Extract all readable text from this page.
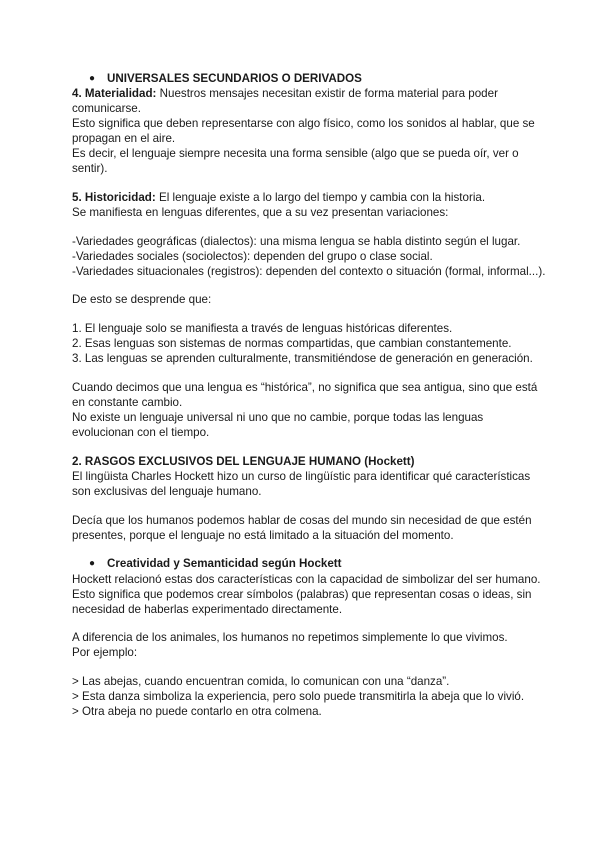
● UNIVERSALES SECUNDARIOS O DERIVADOS
4. Materialidad: Nuestros mensajes necesitan existir de forma material para poder
comunicarse.
Esto significa que deben representarse con algo físico, como los sonidos al hablar, que se
propagan en el aire.
Es decir, el lenguaje siempre necesita una forma sensible (algo que se pueda oír, ver o
sentir).
5. Historicidad: El lenguaje existe a lo largo del tiempo y cambia con la historia.
Se manifiesta en lenguas diferentes, que a su vez presentan variaciones:
-Variedades geográficas (dialectos): una misma lengua se habla distinto según el lugar.
-Variedades sociales (sociolectos): dependen del grupo o clase social.
-Variedades situacionales (registros): dependen del contexto o situación (formal, informal...).
De esto se desprende que:
1. El lenguaje solo se manifiesta a través de lenguas históricas diferentes.
2. Esas lenguas son sistemas de normas compartidas, que cambian constantemente.
3. Las lenguas se aprenden culturalmente, transmitiéndose de generación en generación.
Cuando decimos que una lengua es “histórica”, no significa que sea antigua, sino que está
en constante cambio.
No existe un lenguaje universal ni uno que no cambie, porque todas las lenguas
evolucionan con el tiempo.
2. RASGOS EXCLUSIVOS DEL LENGUAJE HUMANO (Hockett)
El lingüista Charles Hockett hizo un curso de lingüístic para identificar qué características
son exclusivas del lenguaje humano.
Decía que los humanos podemos hablar de cosas del mundo sin necesidad de que estén
presentes, porque el lenguaje no está limitado a la situación del momento.
● Creatividad y Semanticidad según Hockett
Hockett relacionó estas dos características con la capacidad de simbolizar del ser humano.
Esto significa que podemos crear símbolos (palabras) que representan cosas o ideas, sin
necesidad de haberlas experimentado directamente.
A diferencia de los animales, los humanos no repetimos simplemente lo que vivimos.
Por ejemplo:
> Las abejas, cuando encuentran comida, lo comunican con una “danza”.
> Esta danza simboliza la experiencia, pero solo puede transmitirla la abeja que lo vivió.
> Otra abeja no puede contarlo en otra colmena.
